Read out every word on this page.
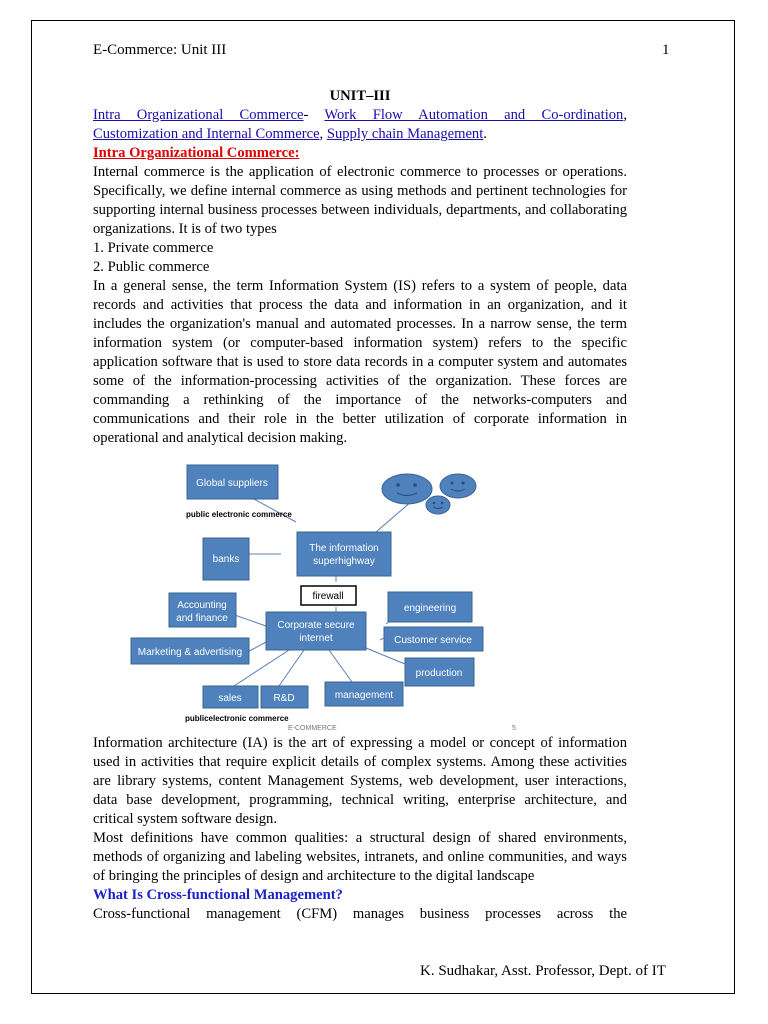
E-Commerce: Unit III	1

UNIT–III

Intra Organizational Commerce- Work Flow Automation and Co-ordination, Customization and Internal Commerce, Supply chain Management.

Intra Organizational Commerce:

Internal commerce is the application of electronic commerce to processes or operations. Specifically, we define internal commerce as using methods and pertinent technologies for supporting internal business processes between individuals, departments, and collaborating organizations. It is of two types

1. Private commerce

2. Public commerce

In a general sense, the term Information System (IS) refers to a system of people, data records and activities that process the data and information in an organization, and it includes the organization's manual and automated processes. In a narrow sense, the term information system (or computer-based information system) refers to the specific application software that is used to store data records in a computer system and automates some of the information-processing activities of the organization. These forces are commanding a rethinking of the importance of the networks-computers and communications and their role in the better utilization of corporate information in operational and analytical decision making.

Global suppliers
public electronic commerce
banks
The information
superhighway
firewall
Accounting
and finance
Corporate secure
internet
engineering
Customer service
Marketing & advertising
production
management
sales	R&D
publicelectronic commerce
E-COMMERCE	5

Information architecture (IA) is the art of expressing a model or concept of information used in activities that require explicit details of complex systems. Among these activities are library systems, content Management Systems, web development, user interactions, data base development, programming, technical writing, enterprise architecture, and critical system software design.

Most definitions have common qualities: a structural design of shared environments, methods of organizing and labeling websites, intranets, and online communities, and ways of bringing the principles of design and architecture to the digital landscape

What Is Cross-functional Management?

Cross-functional management (CFM) manages business processes across the

K. Sudhakar, Asst. Professor, Dept. of IT
